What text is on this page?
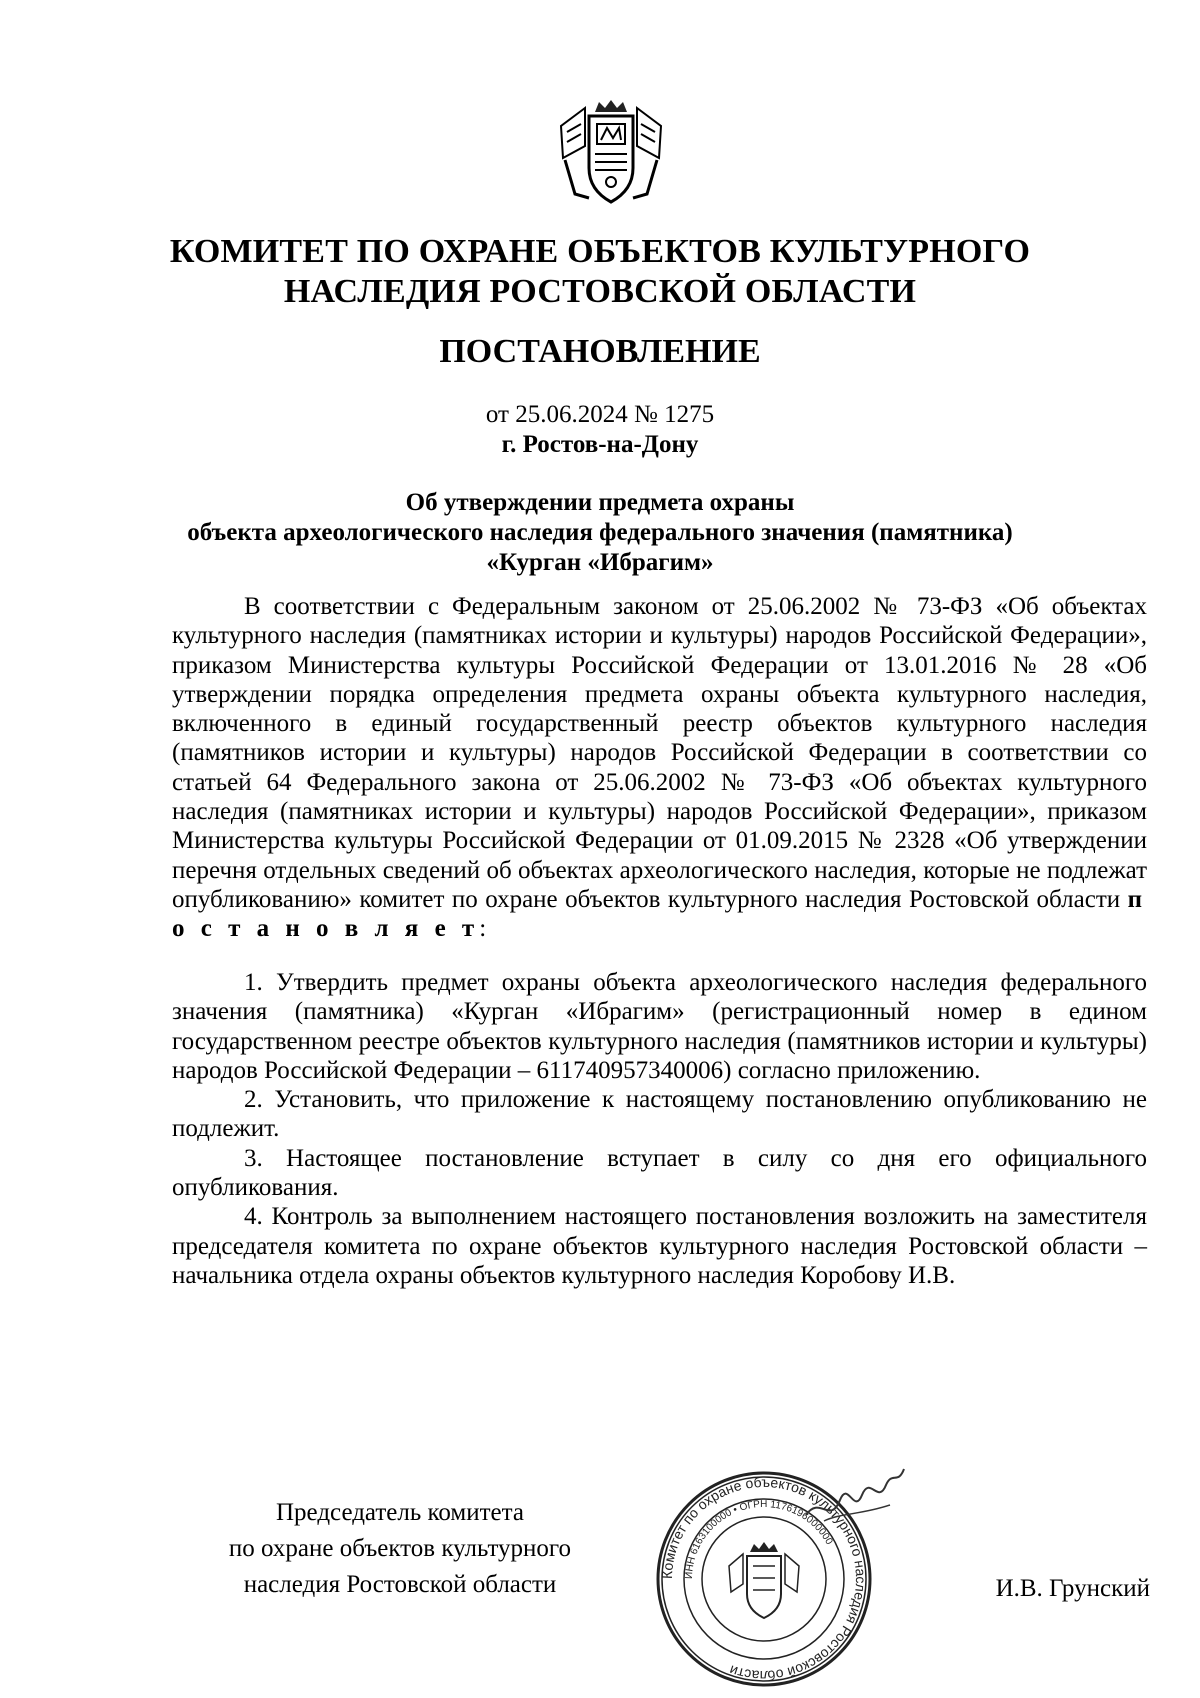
КОМИТЕТ ПО ОХРАНЕ ОБЪЕКТОВ КУЛЬТУРНОГО
НАСЛЕДИЯ РОСТОВСКОЙ ОБЛАСТИ
ПОСТАНОВЛЕНИЕ
от 25.06.2024 № 1275
г. Ростов-на-Дону
Об утверждении предмета охраны
объекта археологического наследия федерального значения (памятника)
«Курган «Ибрагим»

В соответствии с Федеральным законом от 25.06.2002 № 73-ФЗ «Об объектах культурного наследия (памятниках истории и культуры) народов Российской Федерации», приказом Министерства культуры Российской Федерации от 13.01.2016 № 28 «Об утверждении порядка определения предмета охраны объекта культурного наследия, включенного в единый государственный реестр объектов культурного наследия (памятников истории и культуры) народов Российской Федерации в соответствии со статьей 64 Федерального закона от 25.06.2002 № 73-ФЗ «Об объектах культурного наследия (памятниках истории и культуры) народов Российской Федерации», приказом Министерства культуры Российской Федерации от 01.09.2015 № 2328 «Об утверждении перечня отдельных сведений об объектах археологического наследия, которые не подлежат опубликованию» комитет по охране объектов культурного наследия Ростовской области п о с т а н о в л я е т:

1. Утвердить предмет охраны объекта археологического наследия федерального значения (памятника) «Курган «Ибрагим» (регистрационный номер в едином государственном реестре объектов культурного наследия (памятников истории и культуры) народов Российской Федерации – 611740957340006) согласно приложению.

2. Установить, что приложение к настоящему постановлению опубликованию не подлежит.

3. Настоящее постановление вступает в силу со дня его официального опубликования.

4. Контроль за выполнением настоящего постановления возложить на заместителя председателя комитета по охране объектов культурного наследия Ростовской области – начальника отдела охраны объектов культурного наследия Коробову И.В.

Председатель комитета
по охране объектов культурного
наследия Ростовской области	Комитет по охране объектов культурного наследия Ростовской области
ИНН 6163100000 • ОГРН 1176196000000
И.В. Грунский
